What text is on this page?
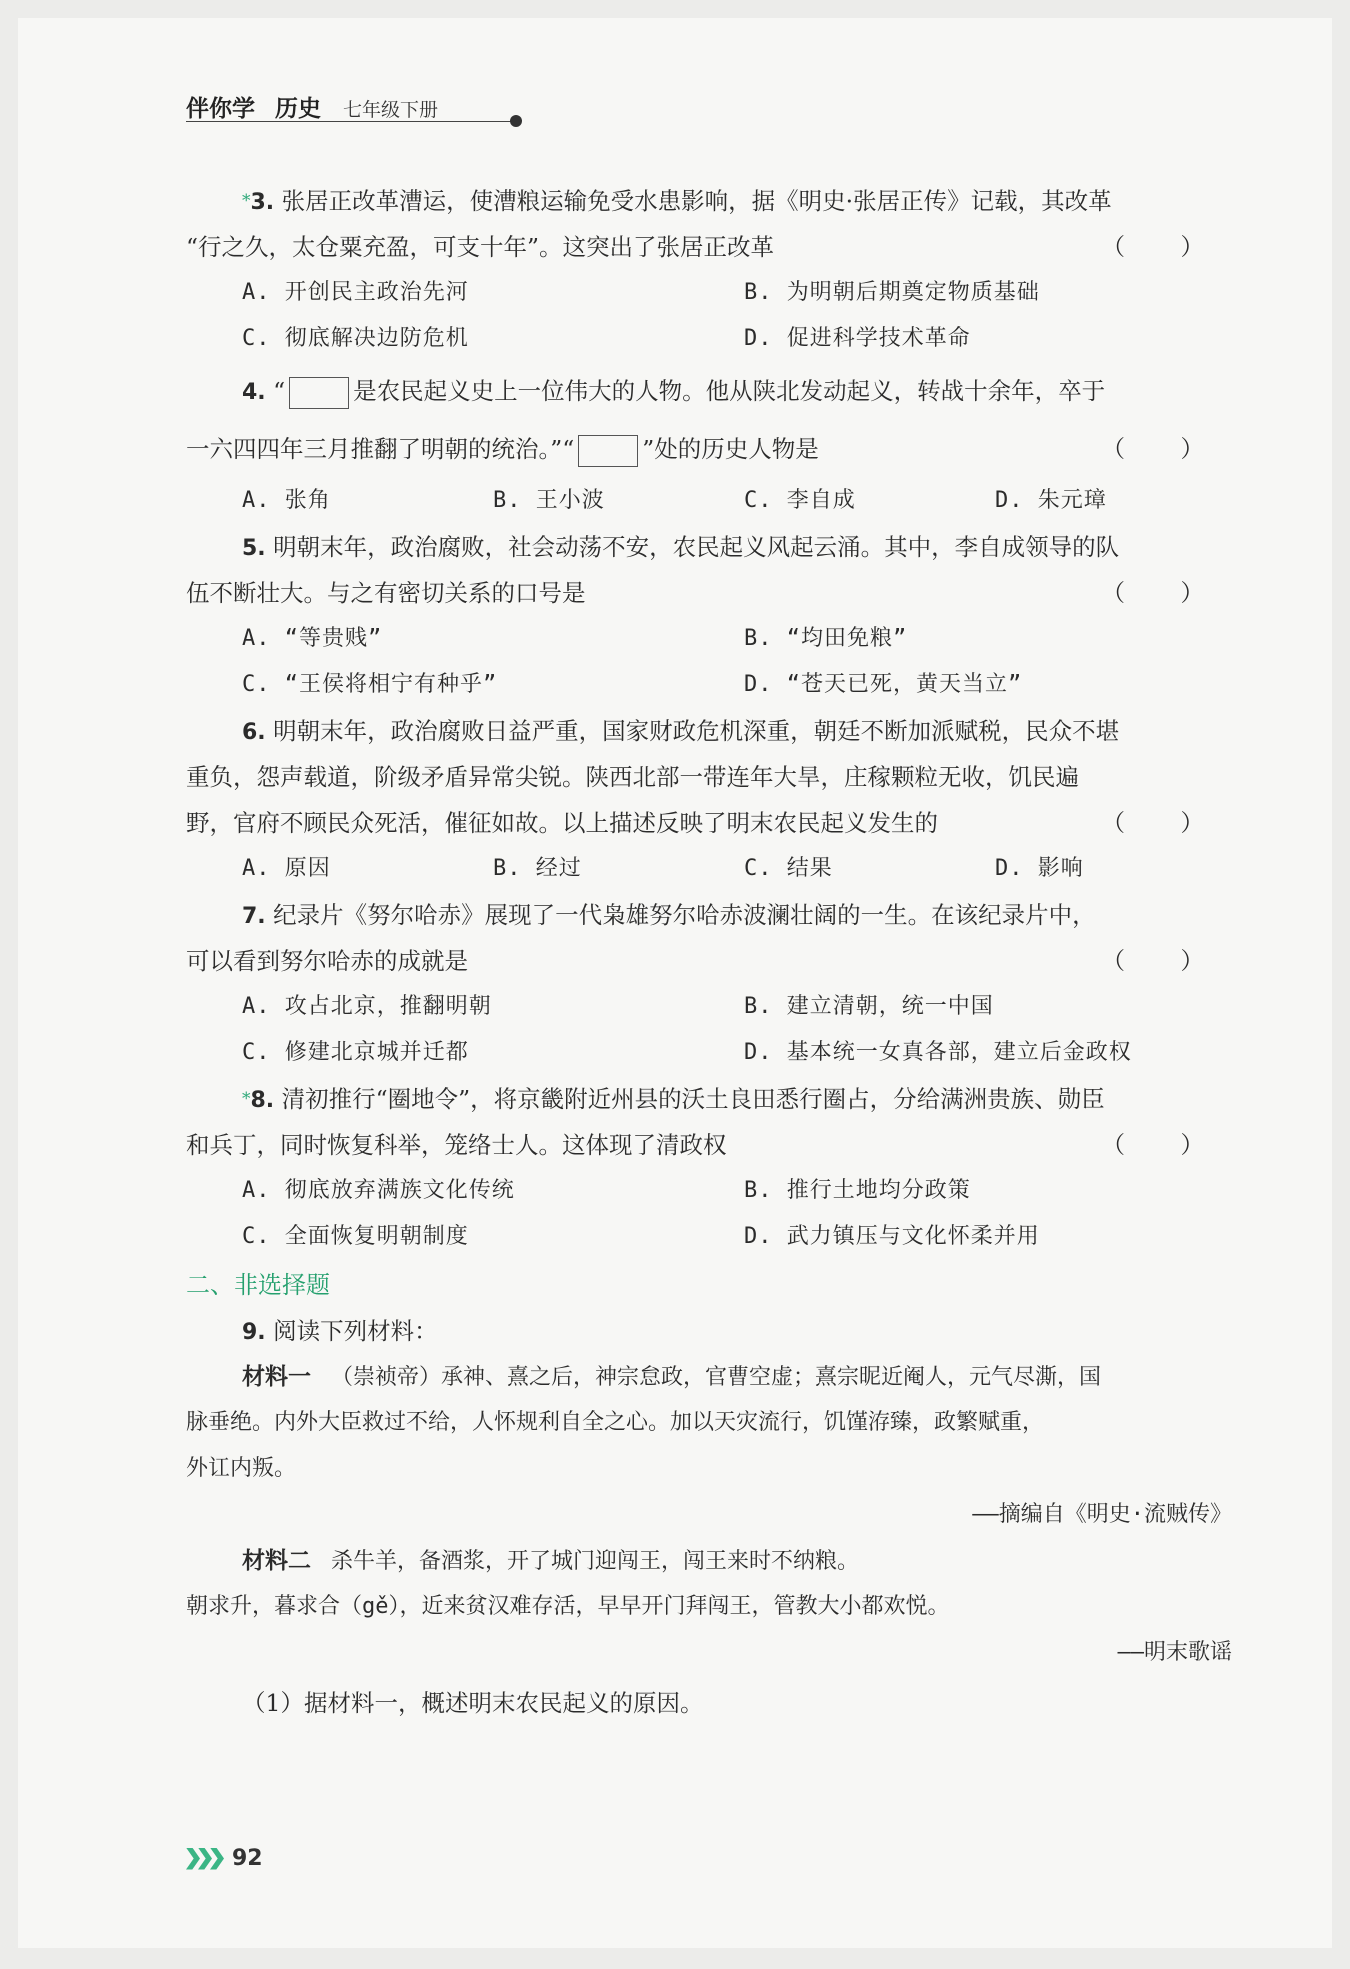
伴你学 历史 七年级下册
*3. 张居正改革漕运，使漕粮运输免受水患影响，据《明史·张居正传》记载，其改革
“行之久，太仓粟充盈，可支十年”。这突出了张居正改革	（ ）
A. 开创民主政治先河	B. 为明朝后期奠定物质基础
C. 彻底解决边防危机	D. 促进科学技术革命
4. “	是农民起义史上一位伟大的人物。他从陕北发动起义，转战十余年，卒于
一六四四年三月推翻了明朝的统治。”“	”处的历史人物是	（ ）
A. 张角	B. 王小波	C. 李自成	D. 朱元璋
5. 明朝末年，政治腐败，社会动荡不安，农民起义风起云涌。其中，李自成领导的队
伍不断壮大。与之有密切关系的口号是	（ ）
A. “等贵贱”	B. “均田免粮”
C. “王侯将相宁有种乎”	D. “苍天已死，黄天当立”
6. 明朝末年，政治腐败日益严重，国家财政危机深重，朝廷不断加派赋税，民众不堪
重负，怨声载道，阶级矛盾异常尖锐。陕西北部一带连年大旱，庄稼颗粒无收，饥民遍
野，官府不顾民众死活，催征如故。以上描述反映了明末农民起义发生的	（ ）
A. 原因	B. 经过	C. 结果	D. 影响
7. 纪录片《努尔哈赤》展现了一代枭雄努尔哈赤波澜壮阔的一生。在该纪录片中，
可以看到努尔哈赤的成就是	（ ）
A. 攻占北京，推翻明朝	B. 建立清朝，统一中国
C. 修建北京城并迁都	D. 基本统一女真各部，建立后金政权
*8. 清初推行“圈地令”，将京畿附近州县的沃土良田悉行圈占，分给满洲贵族、勋臣
和兵丁，同时恢复科举，笼络士人。这体现了清政权	（ ）
A. 彻底放弃满族文化传统	B. 推行土地均分政策
C. 全面恢复明朝制度	D. 武力镇压与文化怀柔并用
二、非选择题
9. 阅读下列材料：
材料一 （崇祯帝）承神、熹之后，神宗怠政，官曹空虚；熹宗昵近阉人，元气尽澌，国
脉垂绝。内外大臣救过不给，人怀规利自全之心。加以天灾流行，饥馑洊臻，政繁赋重，
外讧内叛。
——摘编自《明史·流贼传》
材料二 杀牛羊，备酒浆，开了城门迎闯王，闯王来时不纳粮。
朝求升，暮求合（gě），近来贫汉难存活，早早开门拜闯王，管教大小都欢悦。
——明末歌谣
（1）据材料一，概述明末农民起义的原因。
92
